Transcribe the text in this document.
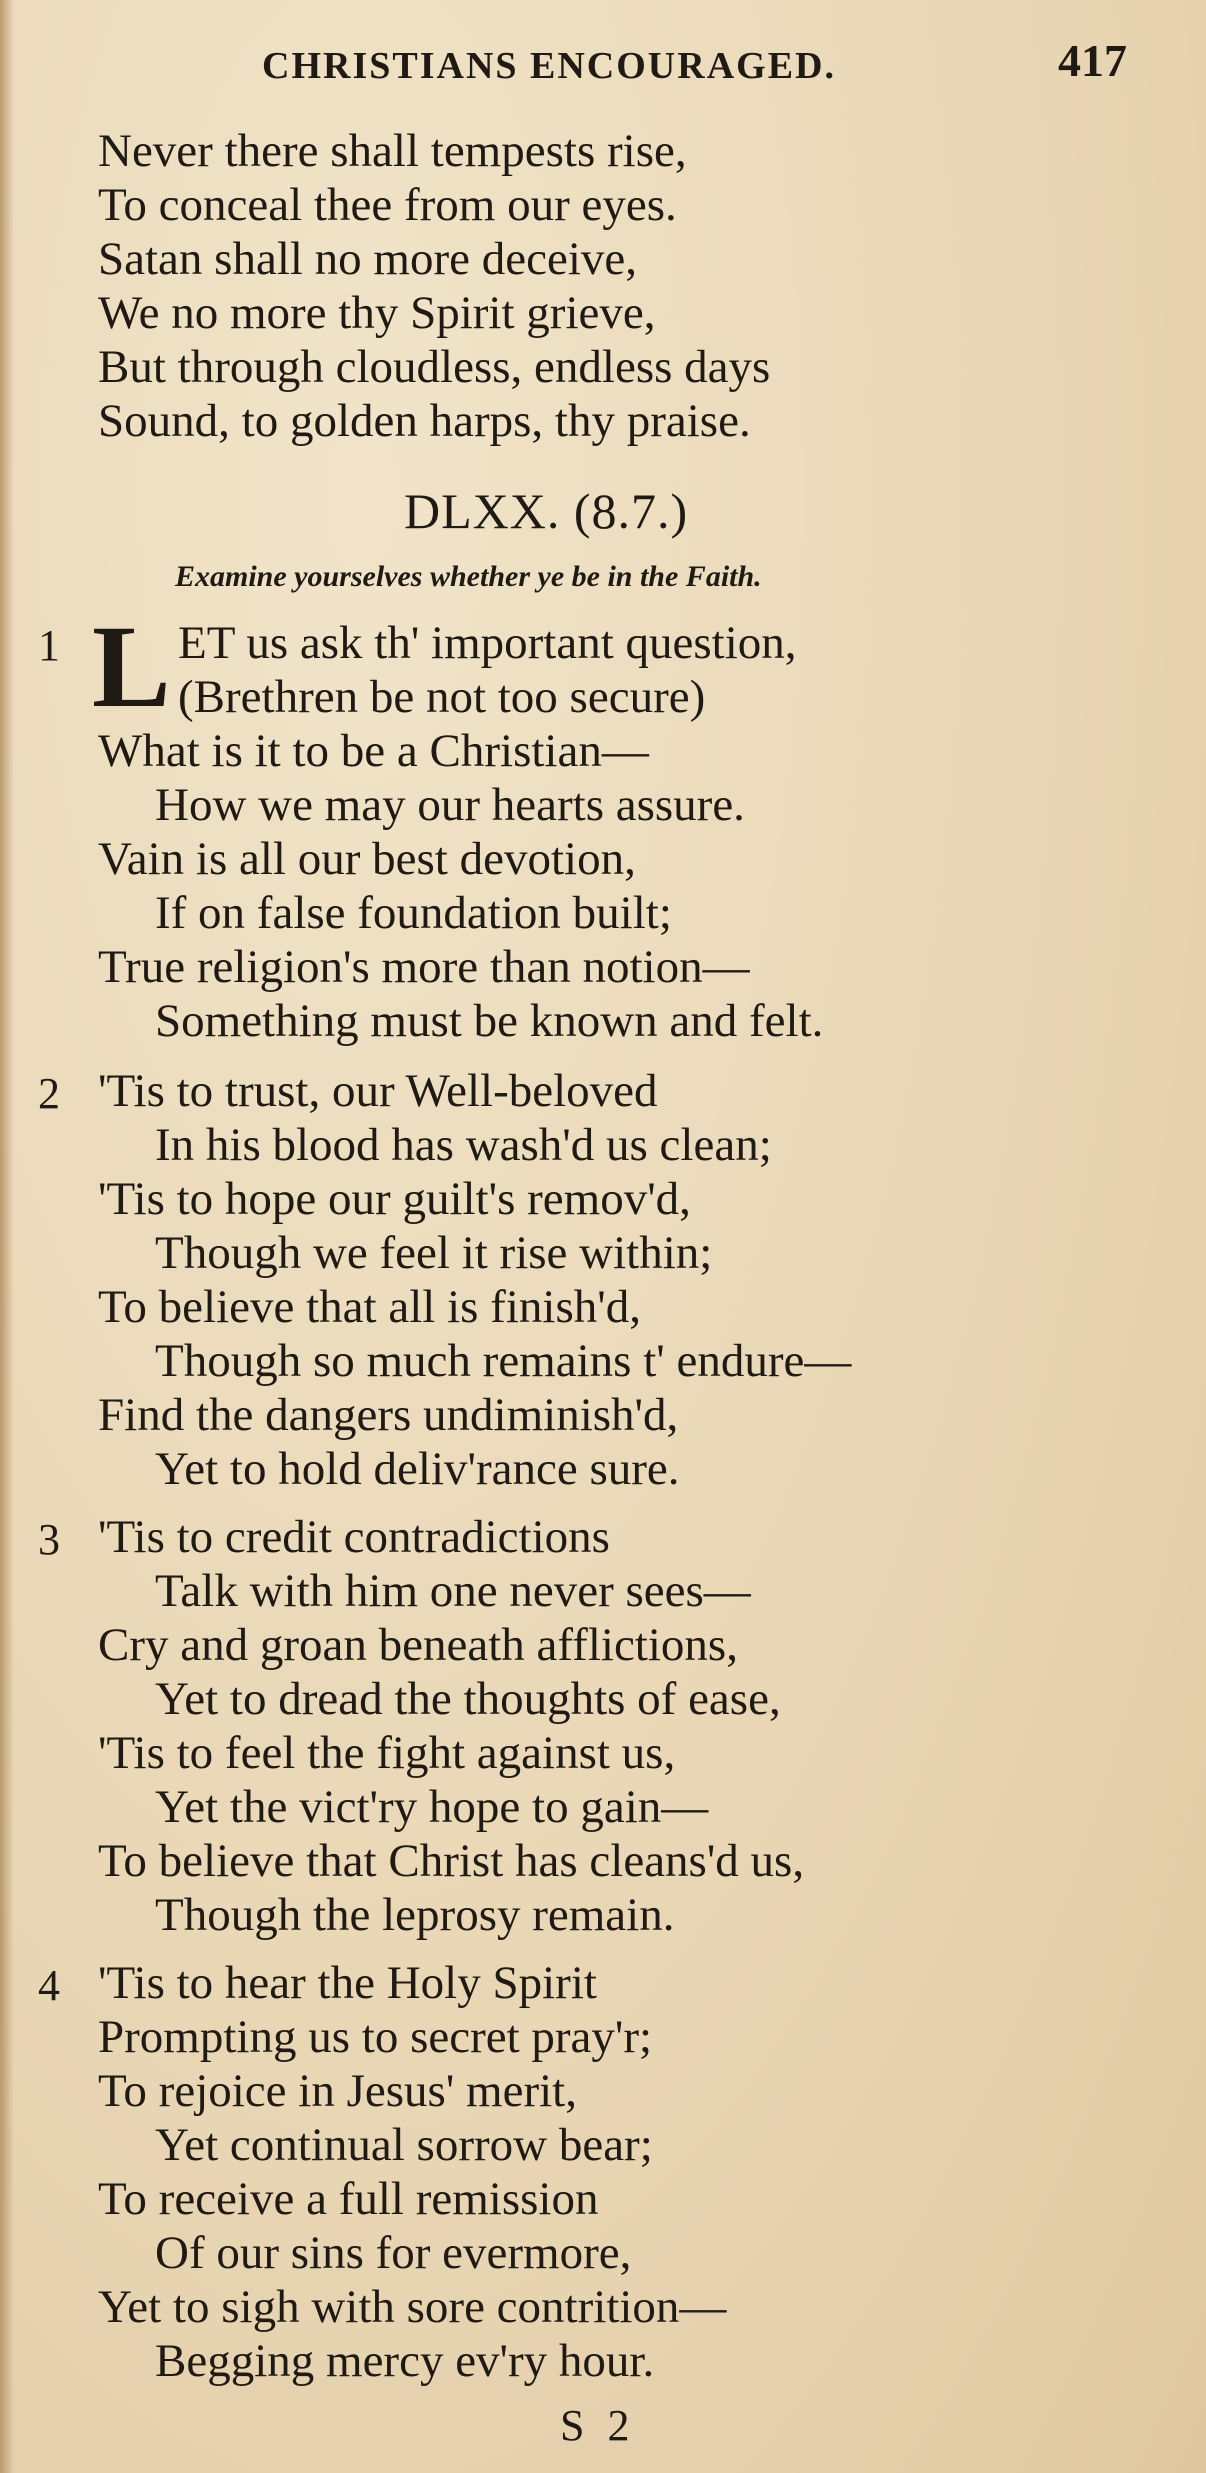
CHRISTIANS ENCOURAGED.	417
Never there shall tempests rise,
To conceal thee from our eyes.
Satan shall no more deceive,
We no more thy Spirit grieve,
But through cloudless, endless days
Sound, to golden harps, thy praise.
DLXX. (8.7.)
Examine yourselves whether ye be in the Faith.
1 L ET us ask th' important question,
(Brethren be not too secure)
What is it to be a Christian—
How we may our hearts assure.
Vain is all our best devotion,
If on false foundation built;
True religion's more than notion—
Something must be known and felt.
2 'Tis to trust, our Well-beloved
In his blood has wash'd us clean;
'Tis to hope our guilt's remov'd,
Though we feel it rise within;
To believe that all is finish'd,
Though so much remains t' endure—
Find the dangers undiminish'd,
Yet to hold deliv'rance sure.
3 'Tis to credit contradictions
Talk with him one never sees—
Cry and groan beneath afflictions,
Yet to dread the thoughts of ease,
'Tis to feel the fight against us,
Yet the vict'ry hope to gain—
To believe that Christ has cleans'd us,
Though the leprosy remain.
4 'Tis to hear the Holy Spirit
Prompting us to secret pray'r;
To rejoice in Jesus' merit,
Yet continual sorrow bear;
To receive a full remission
Of our sins for evermore,
Yet to sigh with sore contrition—
Begging mercy ev'ry hour.
S 2
